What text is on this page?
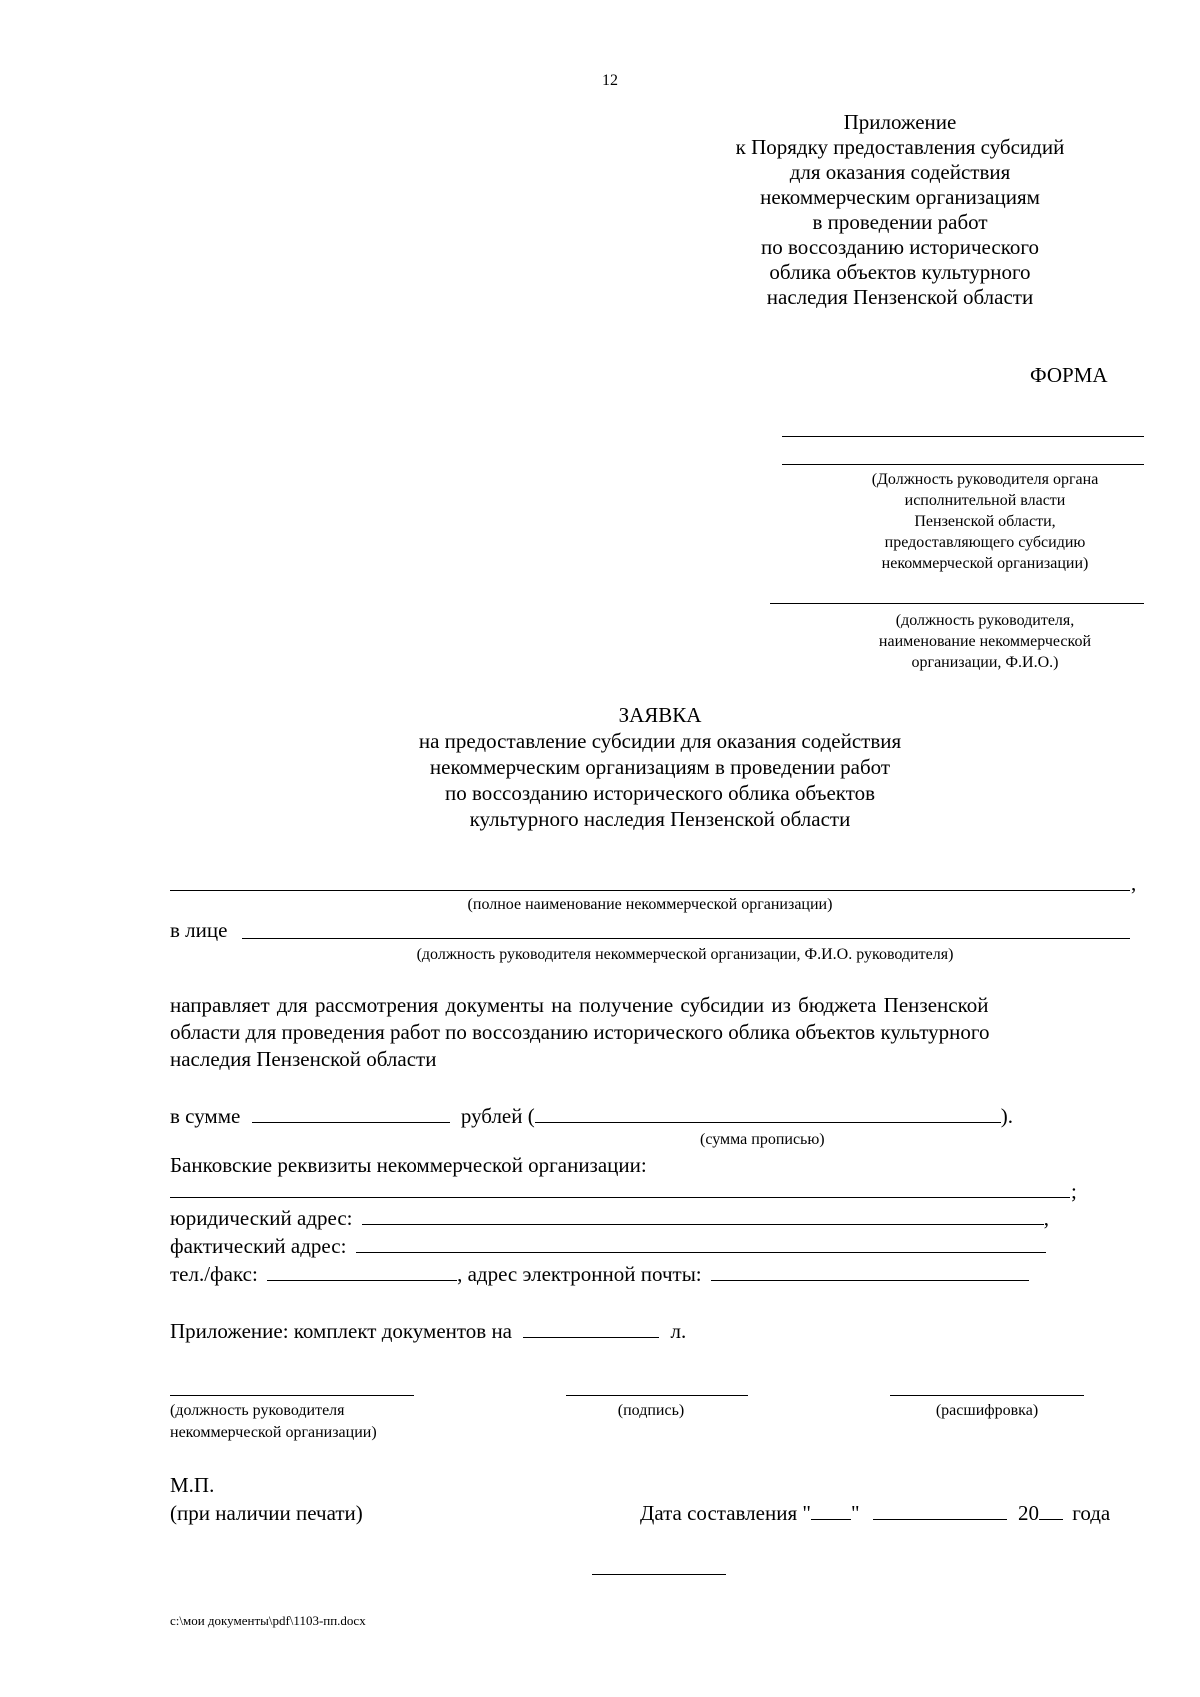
12
Приложение
к Порядку предоставления субсидий
для оказания содействия
некоммерческим организациям
в проведении работ
по воссозданию исторического
облика объектов культурного
наследия Пензенской области
ФОРМА
(Должность руководителя органа
исполнительной власти
Пензенской области,
предоставляющего субсидию
некоммерческой организации)
(должность руководителя,
наименование некоммерческой
организации, Ф.И.О.)
ЗАЯВКА
на предоставление субсидии для оказания содействия
некоммерческим организациям в проведении работ
по воссозданию исторического облика объектов
культурного наследия Пензенской области
,
(полное наименование некоммерческой организации)
в лице
(должность руководителя некоммерческой организации, Ф.И.О. руководителя)
направляет для рассмотрения документы на получение субсидии из бюджета Пензенской
области для проведения работ по воссозданию исторического облика объектов культурного
наследия Пензенской области
в сумме	рублей (	).
(сумма прописью)
Банковские реквизиты некоммерческой организации:
;
юридический адрес:	,
фактический адрес:
тел./факс:	, адрес электронной почты:
Приложение: комплект документов на	л.
(должность руководителя
некоммерческой организации)
(подпись)	(расшифровка)
М.П.
(при наличии печати)	Дата составления " "	20 года
c:\мои документы\pdf\1103-пп.docx
